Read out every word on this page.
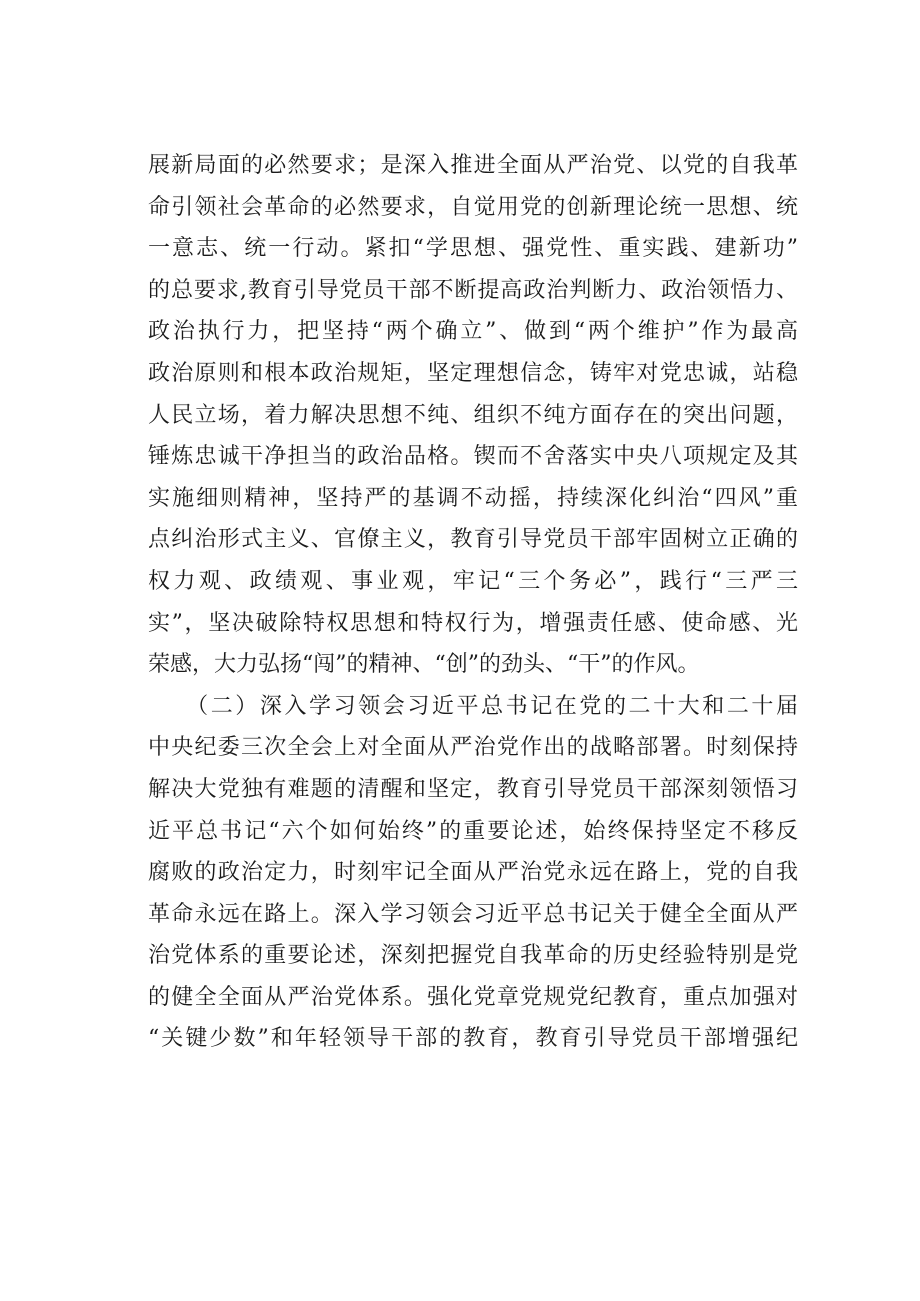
展新局面的必然要求；是深入推进全面从严治党、以党的自我革
命引领社会革命的必然要求，自觉用党的创新理论统一思想、统
一意志、统一行动。紧扣“学思想、强党性、重实践、建新功”
的总要求,教育引导党员干部不断提高政治判断力、政治领悟力、
政治执行力，把坚持“两个确立”、做到“两个维护”作为最高
政治原则和根本政治规矩，坚定理想信念，铸牢对党忠诚，站稳
人民立场，着力解决思想不纯、组织不纯方面存在的突出问题，
锤炼忠诚干净担当的政治品格。锲而不舍落实中央八项规定及其
实施细则精神，坚持严的基调不动摇，持续深化纠治“四风”重
点纠治形式主义、官僚主义，教育引导党员干部牢固树立正确的
权力观、政绩观、事业观，牢记“三个务必”，践行“三严三
实”，坚决破除特权思想和特权行为，增强责任感、使命感、光
荣感，大力弘扬“闯”的精神、“创”的劲头、“干”的作风。
　　（二）深入学习领会习近平总书记在党的二十大和二十届
中央纪委三次全会上对全面从严治党作出的战略部署。时刻保持
解决大党独有难题的清醒和坚定，教育引导党员干部深刻领悟习
近平总书记“六个如何始终”的重要论述，始终保持坚定不移反
腐败的政治定力，时刻牢记全面从严治党永远在路上，党的自我
革命永远在路上。深入学习领会习近平总书记关于健全全面从严
治党体系的重要论述，深刻把握党自我革命的历史经验特别是党
的健全全面从严治党体系。强化党章党规党纪教育，重点加强对
“关键少数”和年轻领导干部的教育，教育引导党员干部增强纪
